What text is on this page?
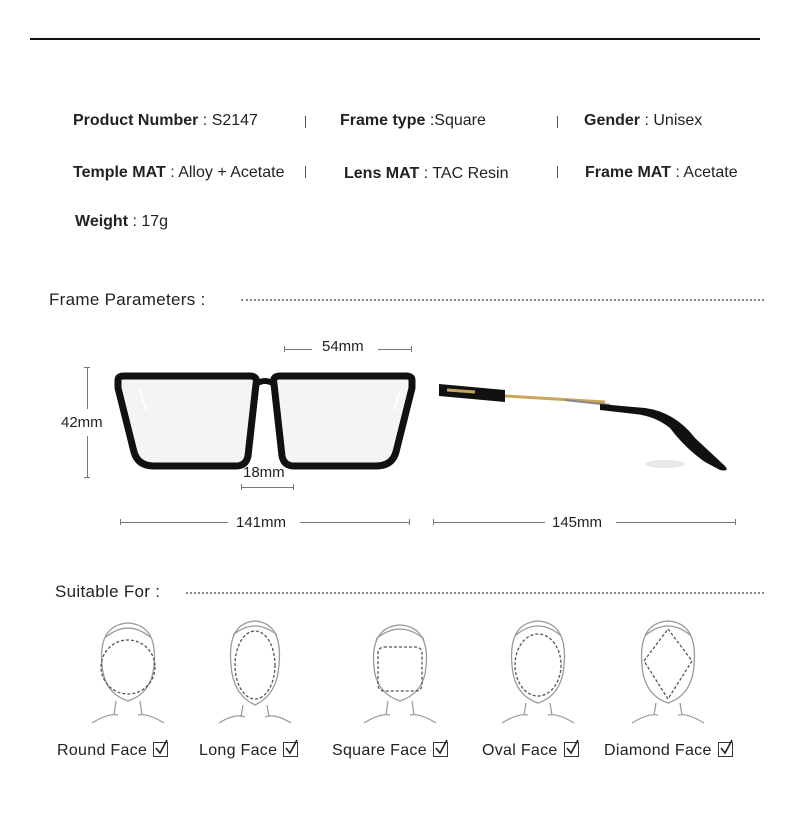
Product Number : S2147	Frame type :Square	Gender : Unisex
Temple MAT : Alloy + Acetate	Lens MAT : TAC Resin	Frame MAT : Acetate
Weight : 17g
Frame Parameters :
54mm
42mm
18mm
141mm	145mm
Suitable For :
Round Face	Long Face	Square Face	Oval Face	Diamond Face
